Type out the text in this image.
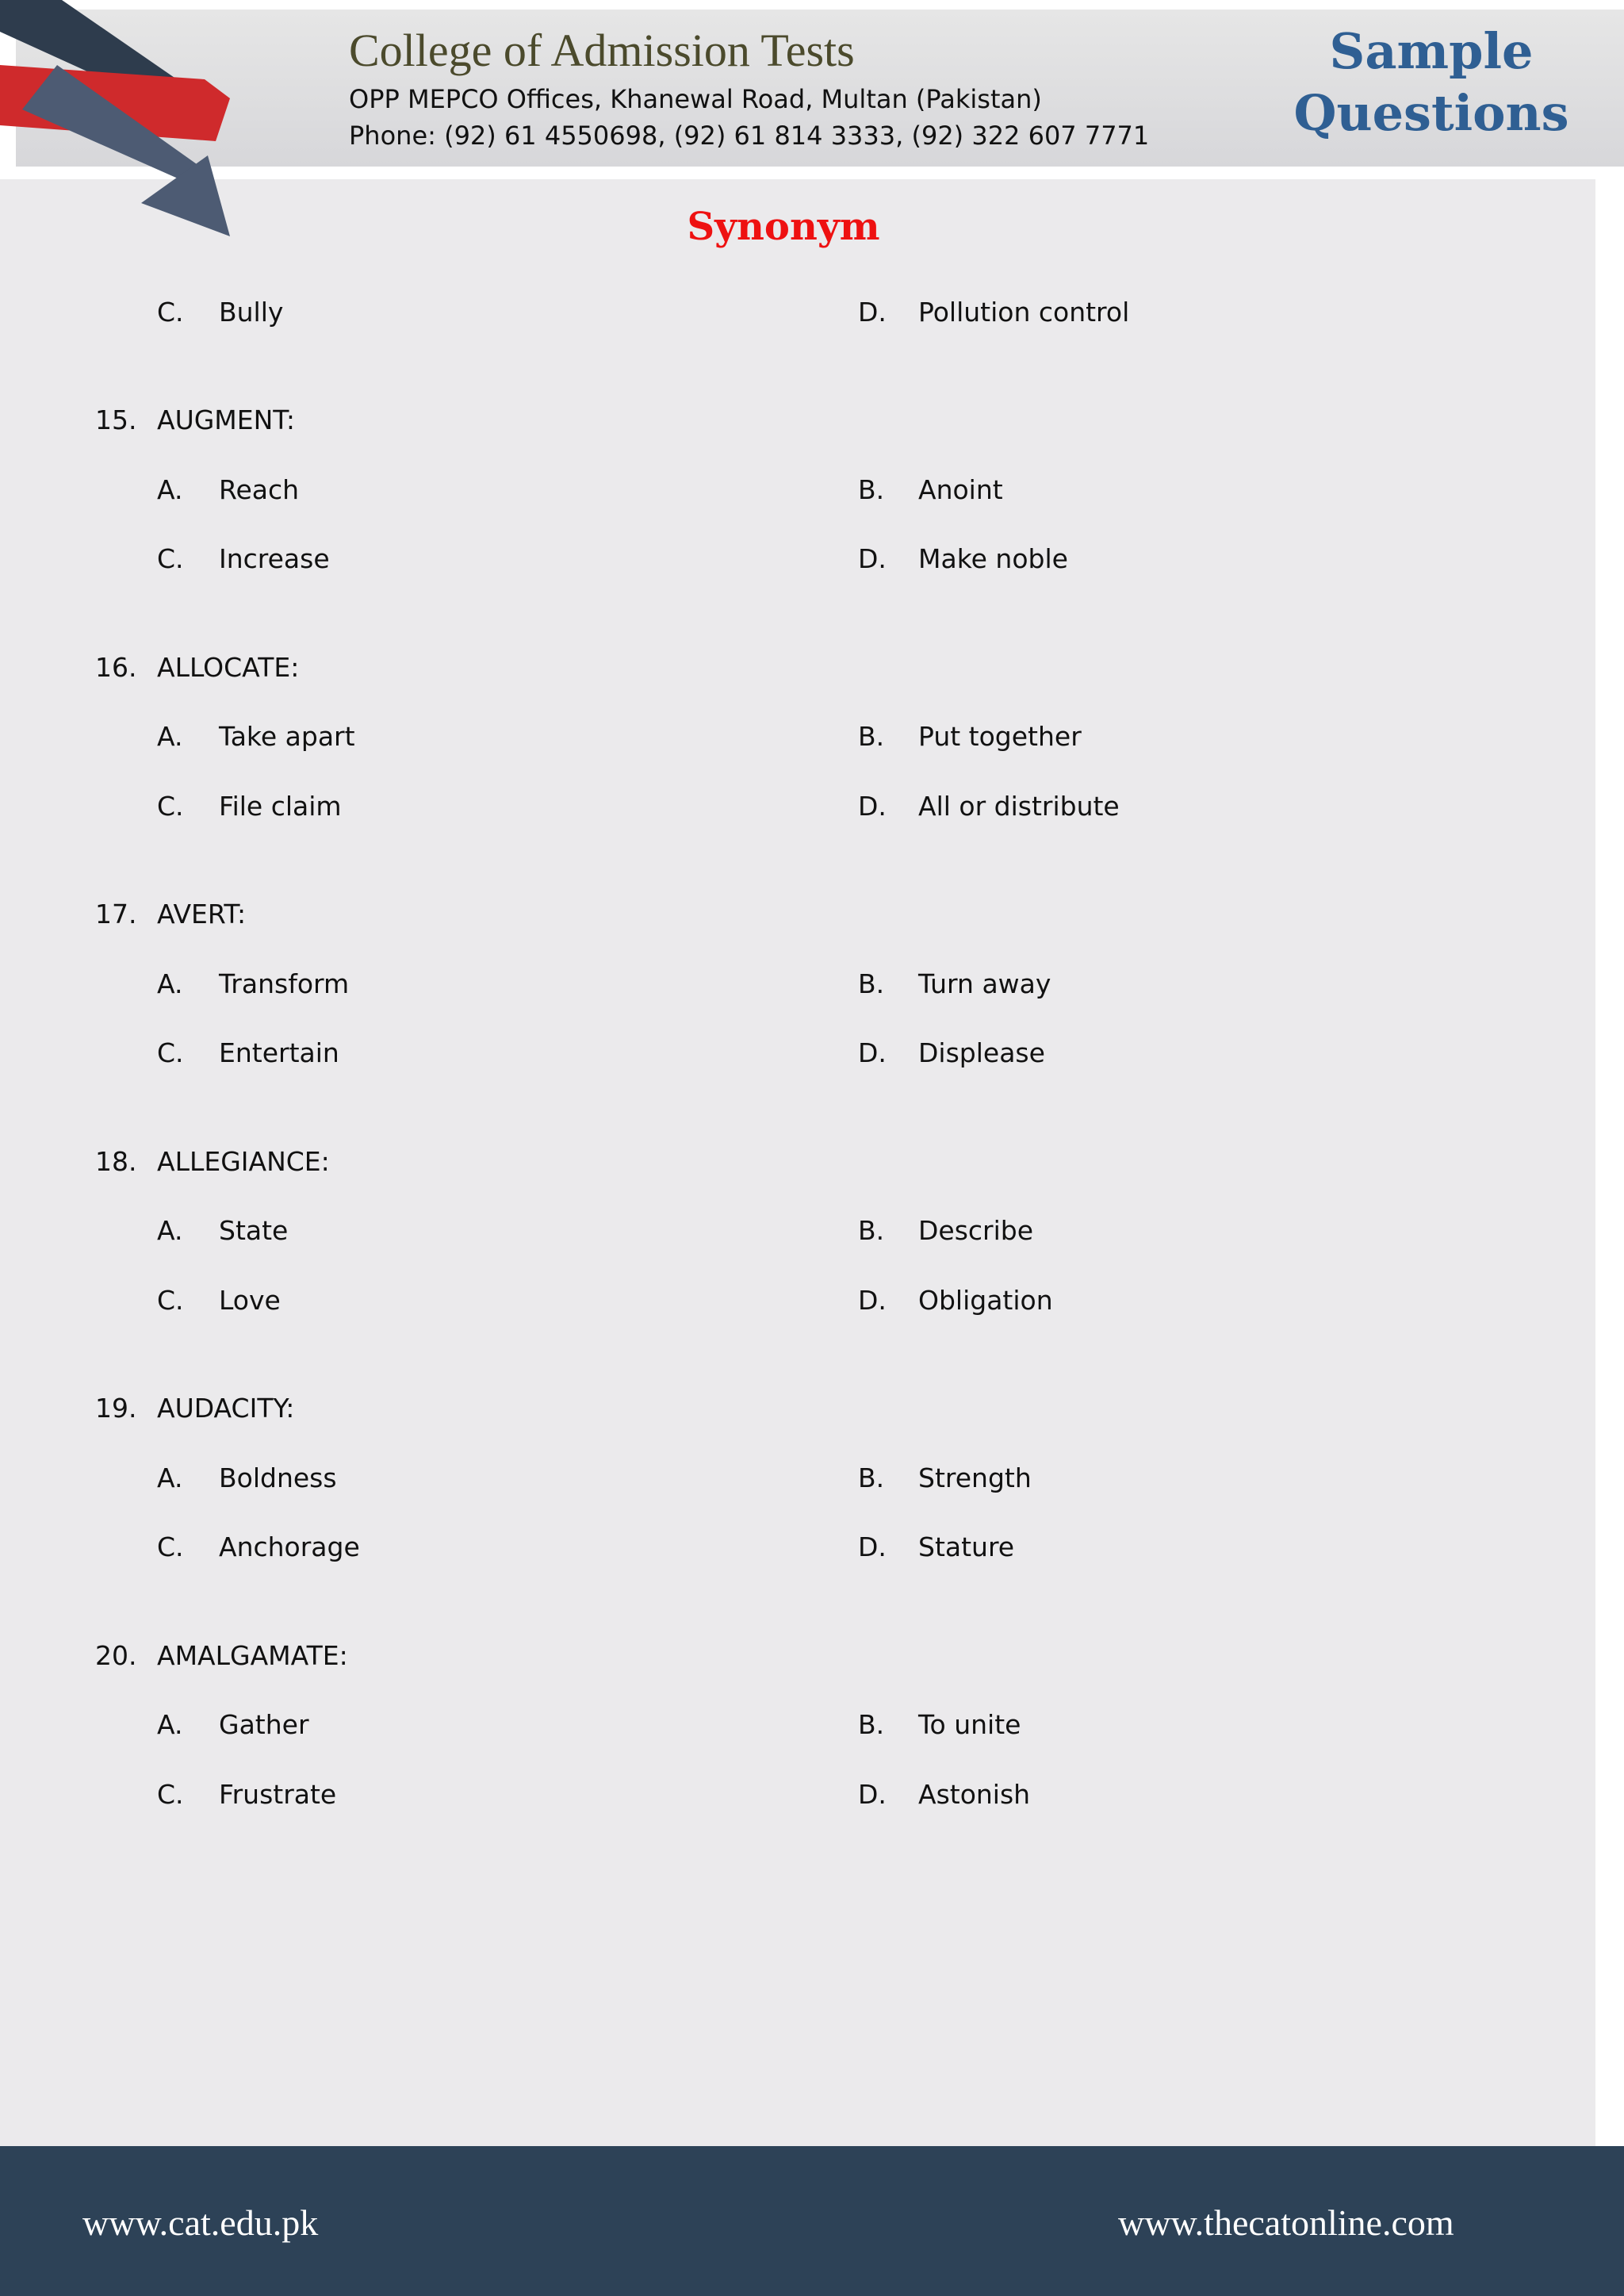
College of Admission Tests
OPP MEPCO Offices, Khanewal Road, Multan (Pakistan)
Phone: (92) 61 4550698, (92) 61 814 3333, (92) 322 607 7771
Sample
Questions
Synonym
C. Bully	D. Pollution control
15. AUGMENT:
A. Reach	B. Anoint
C. Increase	D. Make noble
16. ALLOCATE:
A. Take apart	B. Put together
C. File claim	D. All or distribute
17. AVERT:
A. Transform	B. Turn away
C. Entertain	D. Displease
18. ALLEGIANCE:
A. State	B. Describe
C. Love	D. Obligation
19. AUDACITY:
A. Boldness	B. Strength
C. Anchorage	D. Stature
20. AMALGAMATE:
A. Gather	B. To unite
C. Frustrate	D. Astonish
www.cat.edu.pk	www.thecatonline.com
